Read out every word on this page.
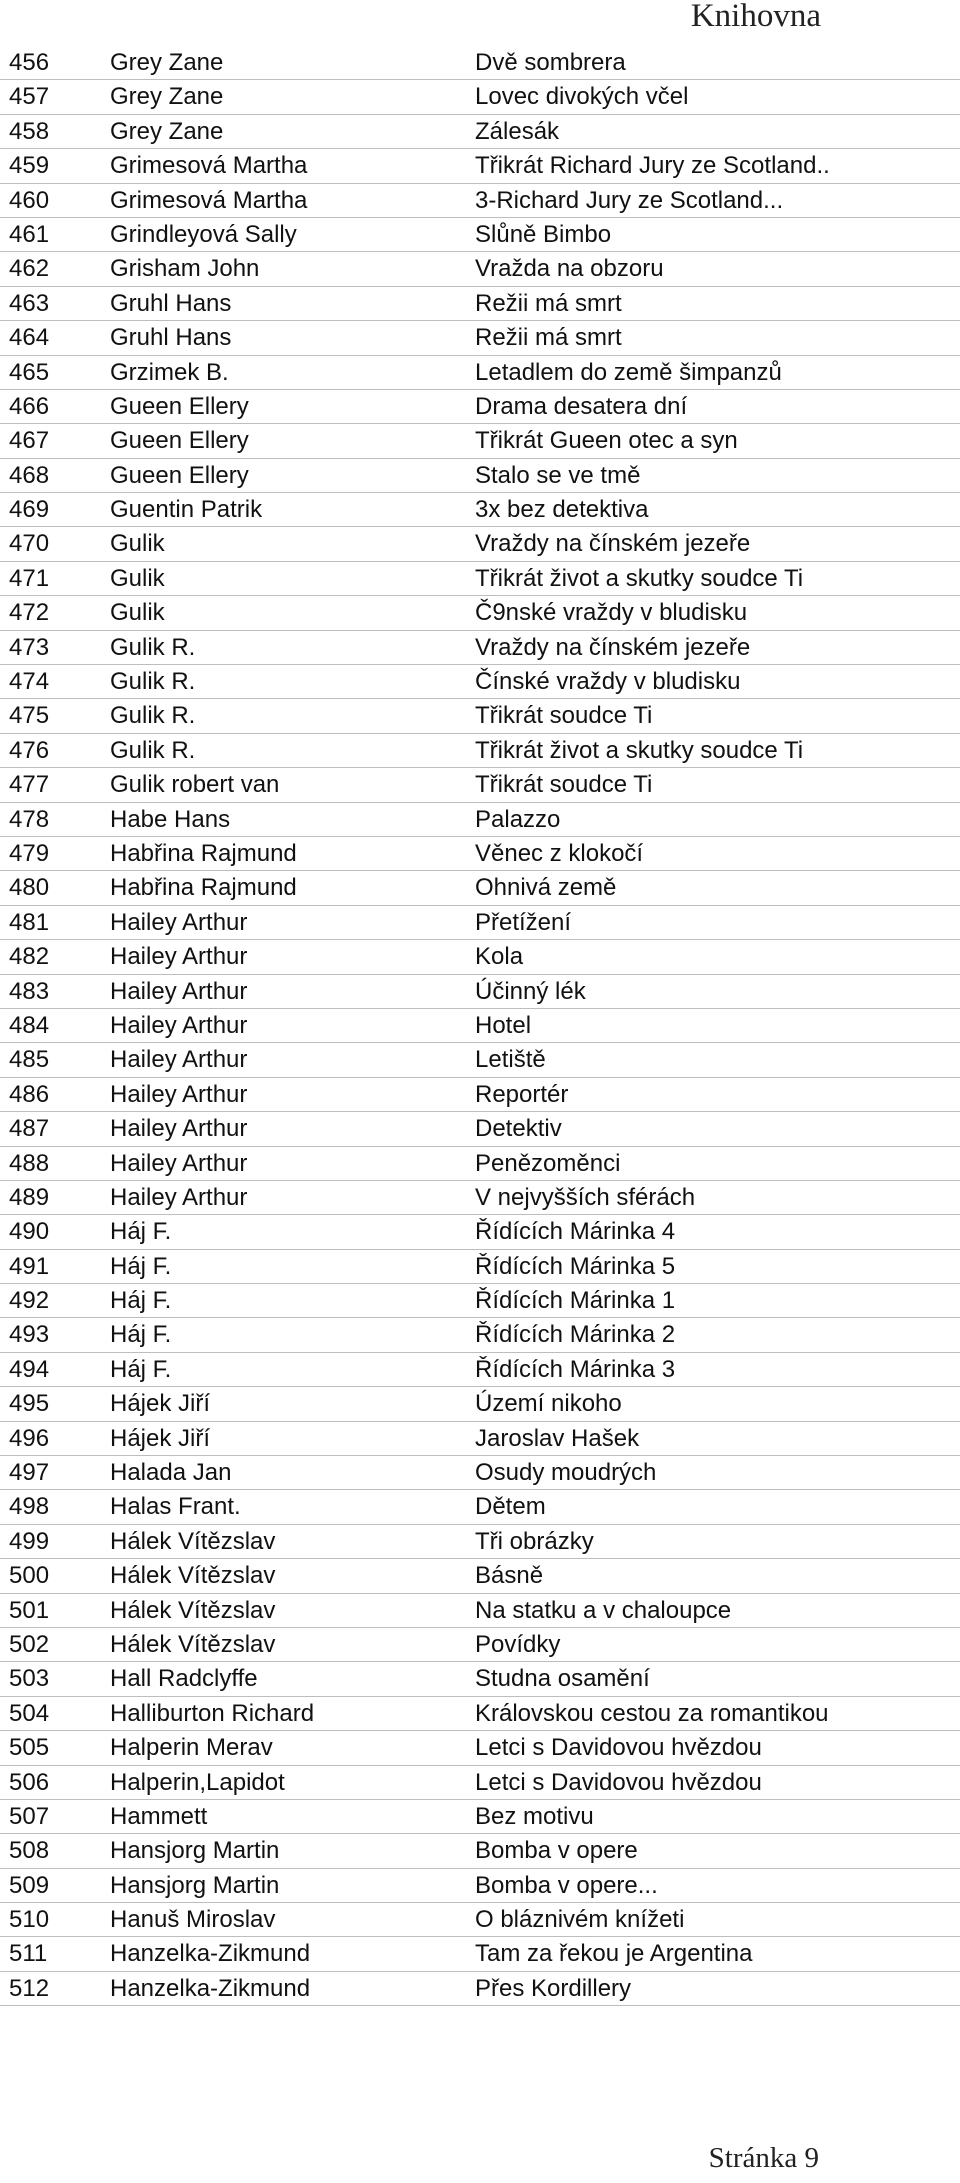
Knihovna
456	Grey Zane	Dvě sombrera
457	Grey Zane	Lovec divokých včel
458	Grey Zane	Zálesák
459	Grimesová Martha	Třikrát Richard Jury ze Scotland..
460	Grimesová Martha	3-Richard Jury ze Scotland...
461	Grindleyová Sally	Slůně Bimbo
462	Grisham John	Vražda na obzoru
463	Gruhl Hans	Režii má smrt
464	Gruhl Hans	Režii má smrt
465	Grzimek B.	Letadlem do země šimpanzů
466	Gueen Ellery	Drama desatera dní
467	Gueen Ellery	Třikrát Gueen otec a syn
468	Gueen Ellery	Stalo se ve tmě
469	Guentin Patrik	3x bez detektiva
470	Gulik	Vraždy na čínském jezeře
471	Gulik	Třikrát život a skutky soudce Ti
472	Gulik	Č9nské vraždy v bludisku
473	Gulik R.	Vraždy na čínském jezeře
474	Gulik R.	Čínské vraždy v bludisku
475	Gulik R.	Třikrát soudce Ti
476	Gulik R.	Třikrát život a skutky soudce Ti
477	Gulik robert van	Třikrát soudce Ti
478	Habe Hans	Palazzo
479	Habřina Rajmund	Věnec z klokočí
480	Habřina Rajmund	Ohnivá země
481	Hailey Arthur	Přetížení
482	Hailey Arthur	Kola
483	Hailey Arthur	Účinný lék
484	Hailey Arthur	Hotel
485	Hailey Arthur	Letiště
486	Hailey Arthur	Reportér
487	Hailey Arthur	Detektiv
488	Hailey Arthur	Penězoměnci
489	Hailey Arthur	V nejvyšších sférách
490	Háj F.	Řídících Márinka 4
491	Háj F.	Řídících Márinka 5
492	Háj F.	Řídících Márinka 1
493	Háj F.	Řídících Márinka 2
494	Háj F.	Řídících Márinka 3
495	Hájek Jiří	Území nikoho
496	Hájek Jiří	Jaroslav Hašek
497	Halada Jan	Osudy moudrých
498	Halas Frant.	Dětem
499	Hálek Vítězslav	Tři obrázky
500	Hálek Vítězslav	Básně
501	Hálek Vítězslav	Na statku a v chaloupce
502	Hálek Vítězslav	Povídky
503	Hall Radclyffe	Studna osamění
504	Halliburton Richard	Královskou cestou za romantikou
505	Halperin Merav	Letci s Davidovou hvězdou
506	Halperin,Lapidot	Letci s Davidovou hvězdou
507	Hammett	Bez motivu
508	Hansjorg Martin	Bomba v opere
509	Hansjorg Martin	Bomba v opere...
510	Hanuš Miroslav	O bláznivém knížeti
511	Hanzelka-Zikmund	Tam za řekou je Argentina
512	Hanzelka-Zikmund	Přes Kordillery
Stránka 9
